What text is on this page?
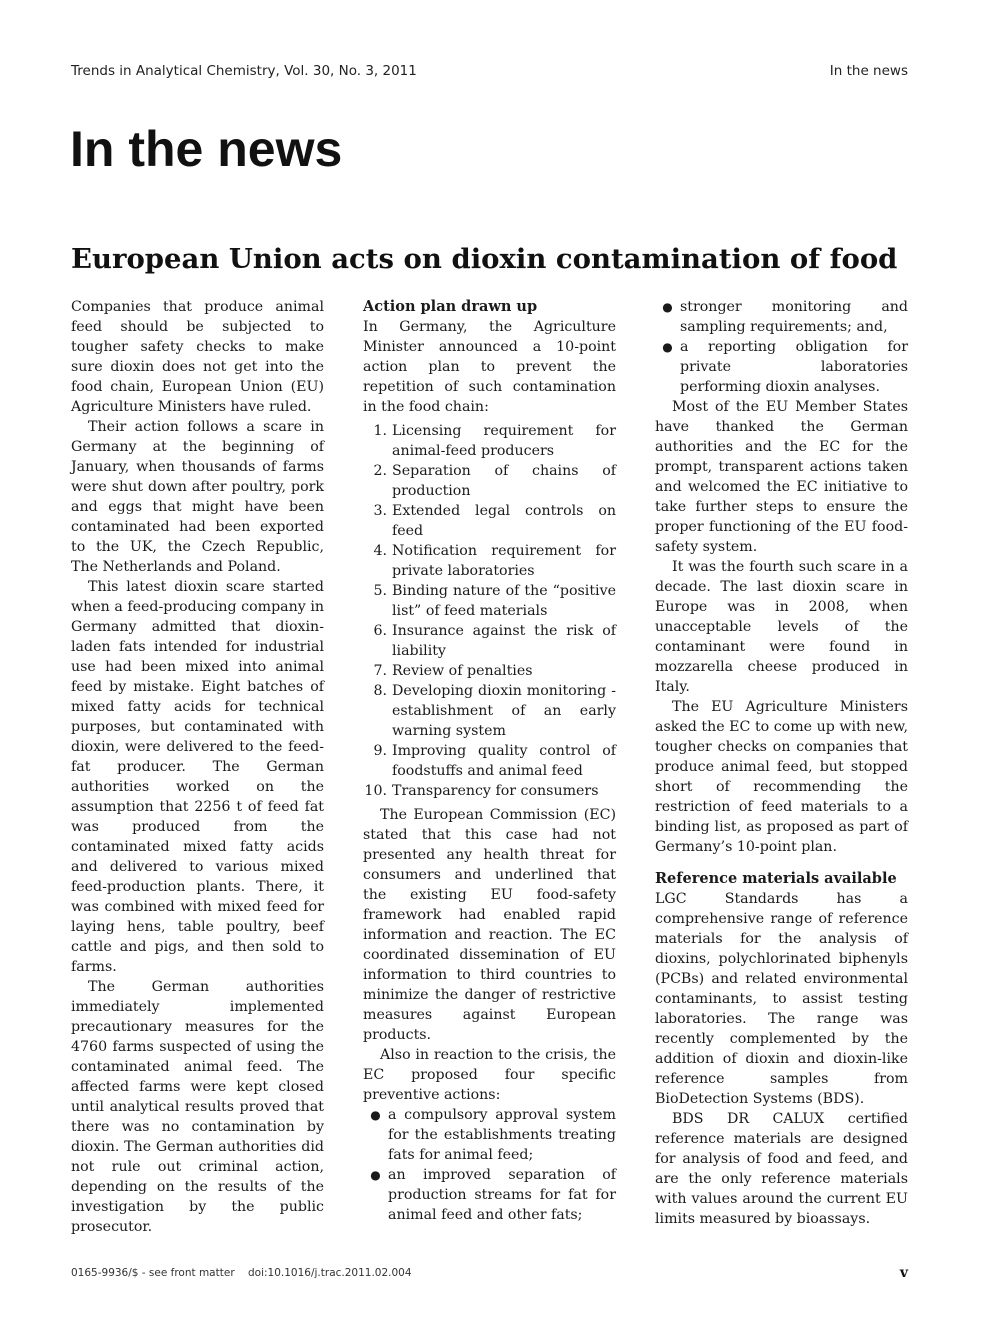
Trends in Analytical Chemistry, Vol. 30, No. 3, 2011	In the news
In the news
European Union acts on dioxin contamination of food

Companies that produce animal feed should be subjected to tougher safety checks to make sure dioxin does not get into the food chain, European Union (EU) Agriculture Ministers have ruled.

Their action follows a scare in Germany at the beginning of January, when thousands of farms were shut down after poultry, pork and eggs that might have been contaminated had been exported to the UK, the Czech Republic, The Netherlands and Poland.

This latest dioxin scare started when a feed-producing company in Germany admitted that dioxin-laden fats intended for industrial use had been mixed into animal feed by mistake. Eight batches of mixed fatty acids for technical purposes, but contaminated with dioxin, were delivered to the feed-fat producer. The German authorities worked on the assumption that 2256 t of feed fat was produced from the contaminated mixed fatty acids and delivered to various mixed feed-production plants. There, it was combined with mixed feed for laying hens, table poultry, beef cattle and pigs, and then sold to farms.

The German authorities immediately implemented precautionary measures for the 4760 farms suspected of using the contaminated animal feed. The affected farms were kept closed until analytical results proved that there was no contamination by dioxin. The German authorities did not rule out criminal action, depending on the results of the investigation by the public prosecutor.

Action plan drawn up

In Germany, the Agriculture Minister announced a 10-point action plan to prevent the repetition of such contamination in the food chain:

1. Licensing requirement for animal-feed producers
2. Separation of chains of production
3. Extended legal controls on feed
4. Notification requirement for private laboratories
5. Binding nature of the “positive list” of feed materials
6. Insurance against the risk of liability
7. Review of penalties
8. Developing dioxin monitoring - establishment of an early warning system
9. Improving quality control of foodstuffs and animal feed
10. Transparency for consumers

The European Commission (EC) stated that this case had not presented any health threat for consumers and underlined that the existing EU food-safety framework had enabled rapid information and reaction. The EC coordinated dissemination of EU information to third countries to minimize the danger of restrictive measures against European products.

Also in reaction to the crisis, the EC proposed four specific preventive actions:

● a compulsory approval system for the establishments treating fats for animal feed;
● an improved separation of production streams for fat for animal feed and other fats;
● stronger monitoring and sampling requirements; and,
● a reporting obligation for private laboratories performing dioxin analyses.

Most of the EU Member States have thanked the German authorities and the EC for the prompt, transparent actions taken and welcomed the EC initiative to take further steps to ensure the proper functioning of the EU food-safety system.

It was the fourth such scare in a decade. The last dioxin scare in Europe was in 2008, when unacceptable levels of the contaminant were found in mozzarella cheese produced in Italy.

The EU Agriculture Ministers asked the EC to come up with new, tougher checks on companies that produce animal feed, but stopped short of recommending the restriction of feed materials to a binding list, as proposed as part of Germany’s 10-point plan.

Reference materials available

LGC Standards has a comprehensive range of reference materials for the analysis of dioxins, polychlorinated biphenyls (PCBs) and related environmental contaminants, to assist testing laboratories. The range was recently complemented by the addition of dioxin and dioxin-like reference samples from BioDetection Systems (BDS).

BDS DR CALUX certified reference materials are designed for analysis of food and feed, and are the only reference materials with values around the current EU limits measured by bioassays.

0165-9936/$ - see front matter doi:10.1016/j.trac.2011.02.004	v
